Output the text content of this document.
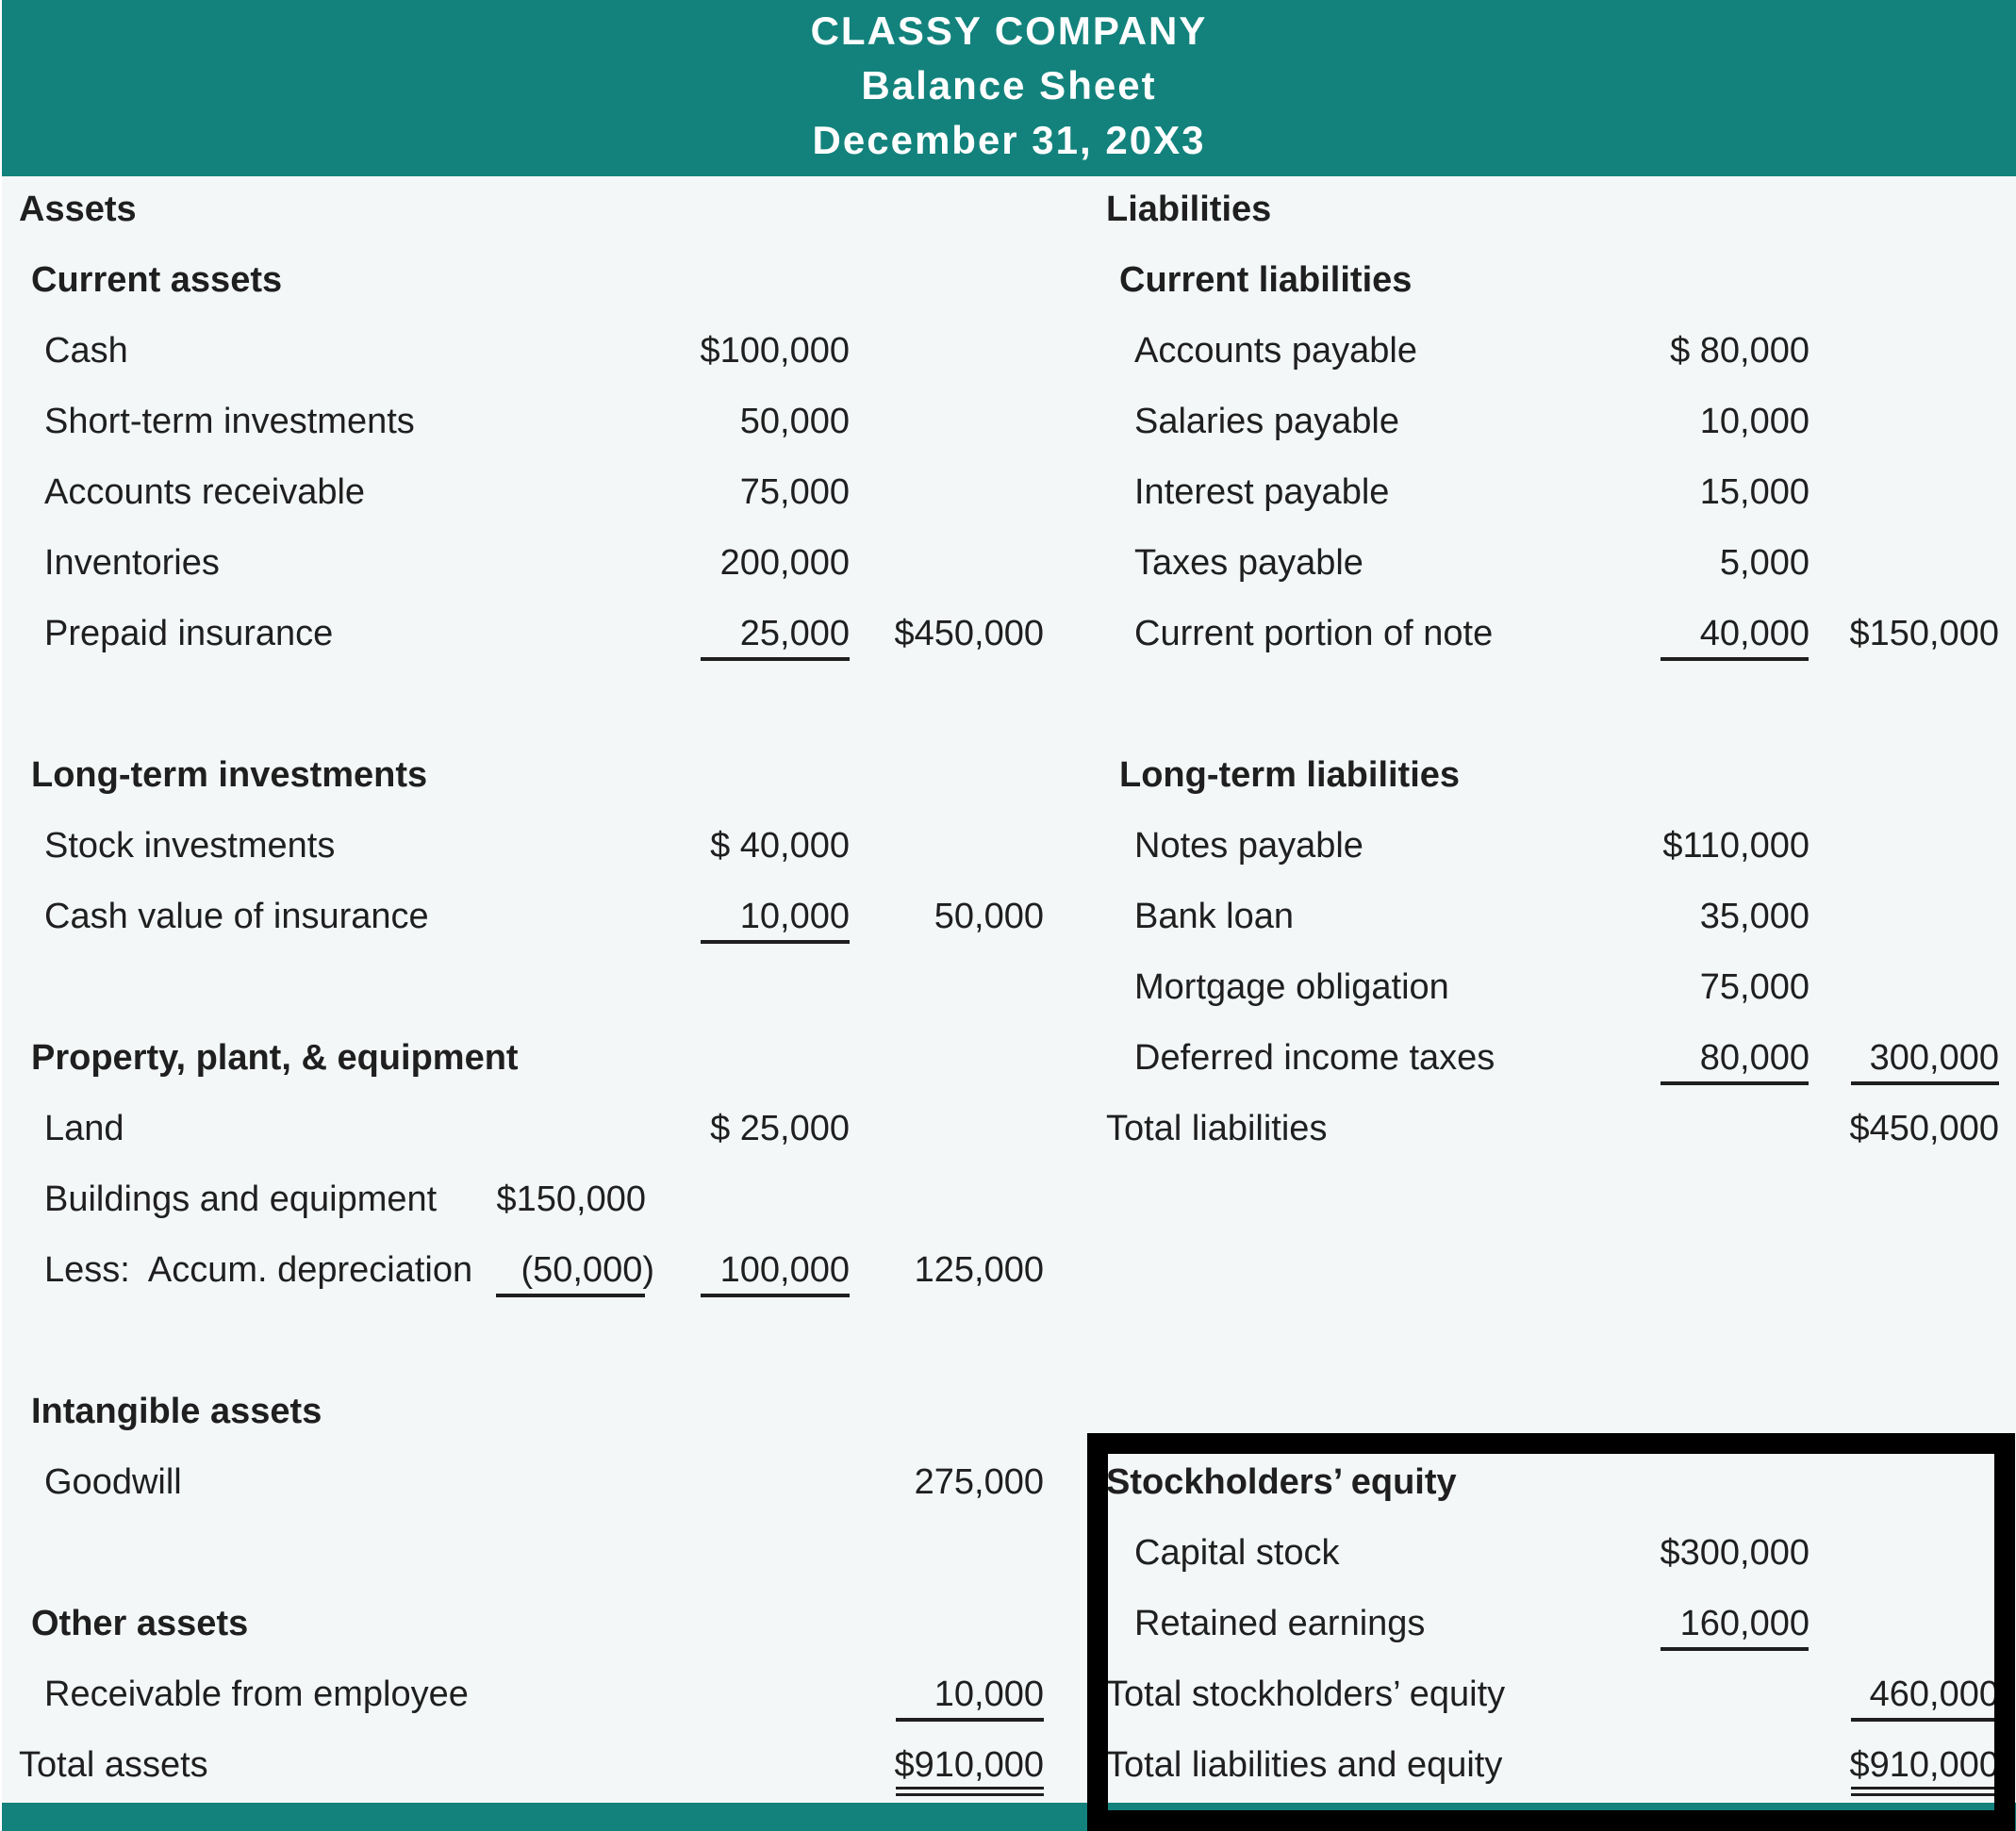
CLASSY COMPANY
Balance Sheet
December 31, 20X3
Assets
Current assets
Cash	$100,000
Short-term investments	50,000
Accounts receivable	75,000
Inventories	200,000
Prepaid insurance	25,000 $450,000
Long-term investments
Stock investments	$ 40,000
Cash value of insurance	10,000 50,000
Property, plant, & equipment
Land	$ 25,000
Buildings and equipment $150,000
Less:  Accum. depreciation (50,000) 100,000 125,000
Intangible assets
Goodwill	275,000
Other assets
Receivable from employee	10,000
Total assets	$910,000
Liabilities
Current liabilities
Accounts payable	$ 80,000
Salaries payable	10,000
Interest payable	15,000
Taxes payable	5,000
Current portion of note	40,000 $150,000
Long-term liabilities
Notes payable	$110,000
Bank loan	35,000
Mortgage obligation	75,000
Deferred income taxes	80,000 300,000
Total liabilities	$450,000
Stockholders’ equity
Capital stock	$300,000
Retained earnings	160,000
Total stockholders’ equity	460,000
Total liabilities and equity	$910,000
